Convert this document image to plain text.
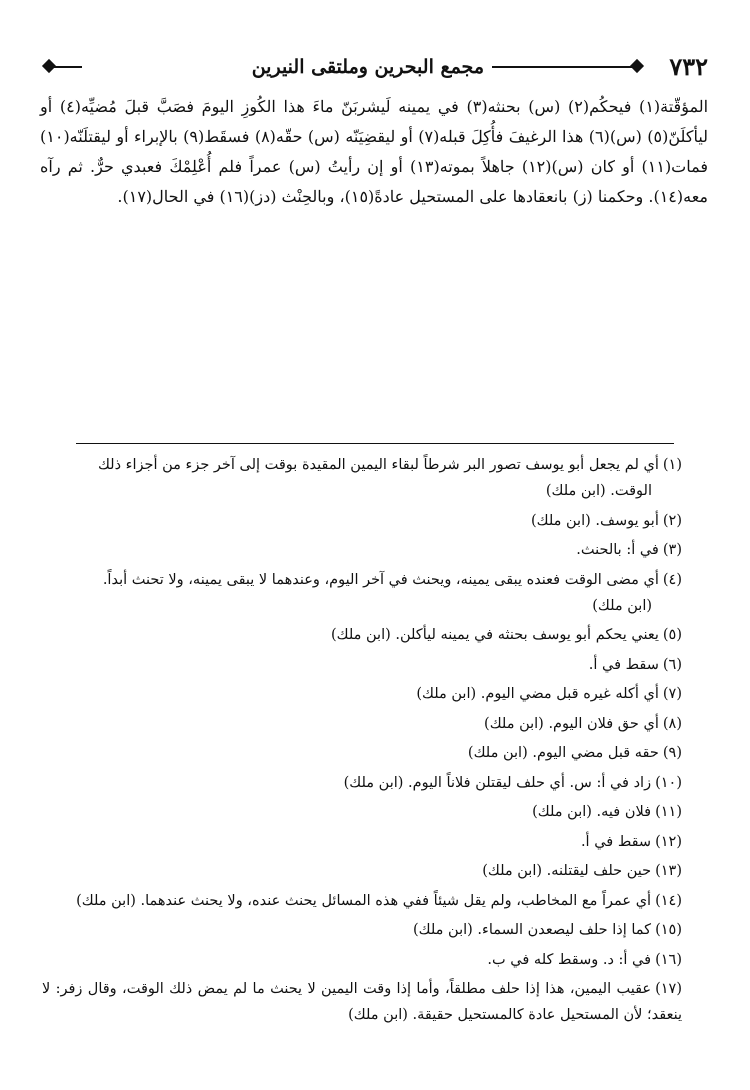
٧٣٢
مجمع البحرين وملتقى النيرين

المؤقّتة(١) فيحكُم(٢) (س) بحنثه(٣) في يمينه لَيشربَنّ ماءَ هذا الكُوزِ اليومَ فصَبَّ قبلَ مُضيِّه(٤) أو ليأكلَنّ(٥) (س)(٦) هذا الرغيفَ فأُكِلَ قبله(٧) أو ليقضِيَنّه (س) حقّه(٨) فسقَط(٩) بالإبراء أو ليقتلَنّه(١٠) فمات(١١) أو كان (س)(١٢) جاهلاً بموته(١٣) أو إن رأيتُ (س) عمراً فلم أُعْلِمْكَ فعبدي حرٌّ. ثم رآه معه(١٤). وحكمنا (ز) بانعقادها على المستحيل عادةً(١٥)، وبالحِنْث (دز)(١٦) في الحال(١٧).

(١)أي لم يجعل أبو يوسف تصور البر شرطاً لبقاء اليمين المقيدة بوقت إلى آخر جزء من أجزاء ذلك
الوقت. (ابن ملك)

(٢)أبو يوسف. (ابن ملك)

(٣)في أ: بالحنث.

(٤)أي مضى الوقت فعنده يبقى يمينه، ويحنث في آخر اليوم، وعندهما لا يبقى يمينه، ولا تحنث أبداً.
(ابن ملك)

(٥)يعني يحكم أبو يوسف بحنثه في يمينه ليأكلن. (ابن ملك)

(٦)سقط في أ.

(٧)أي أكله غيره قبل مضي اليوم. (ابن ملك)

(٨)أي حق فلان اليوم. (ابن ملك)

(٩)حقه قبل مضي اليوم. (ابن ملك)

(١٠)زاد في أ: س. أي حلف ليقتلن فلاناً اليوم. (ابن ملك)

(١١)فلان فيه. (ابن ملك)

(١٢)سقط في أ.

(١٣)حين حلف ليقتلنه. (ابن ملك)

(١٤)أي عمراً مع المخاطب، ولم يقل شيئاً ففي هذه المسائل يحنث عنده، ولا يحنث عندهما. (ابن ملك)

(١٥)كما إذا حلف ليصعدن السماء. (ابن ملك)

(١٦)في أ: د. وسقط كله في ب.

(١٧)عقيب اليمين، هذا إذا حلف مطلقاً، وأما إذا وقت اليمين لا يحنث ما لم يمض ذلك الوقت، وقال زفر: لا ينعقد؛ لأن المستحيل عادة كالمستحيل حقيقة. (ابن ملك)
